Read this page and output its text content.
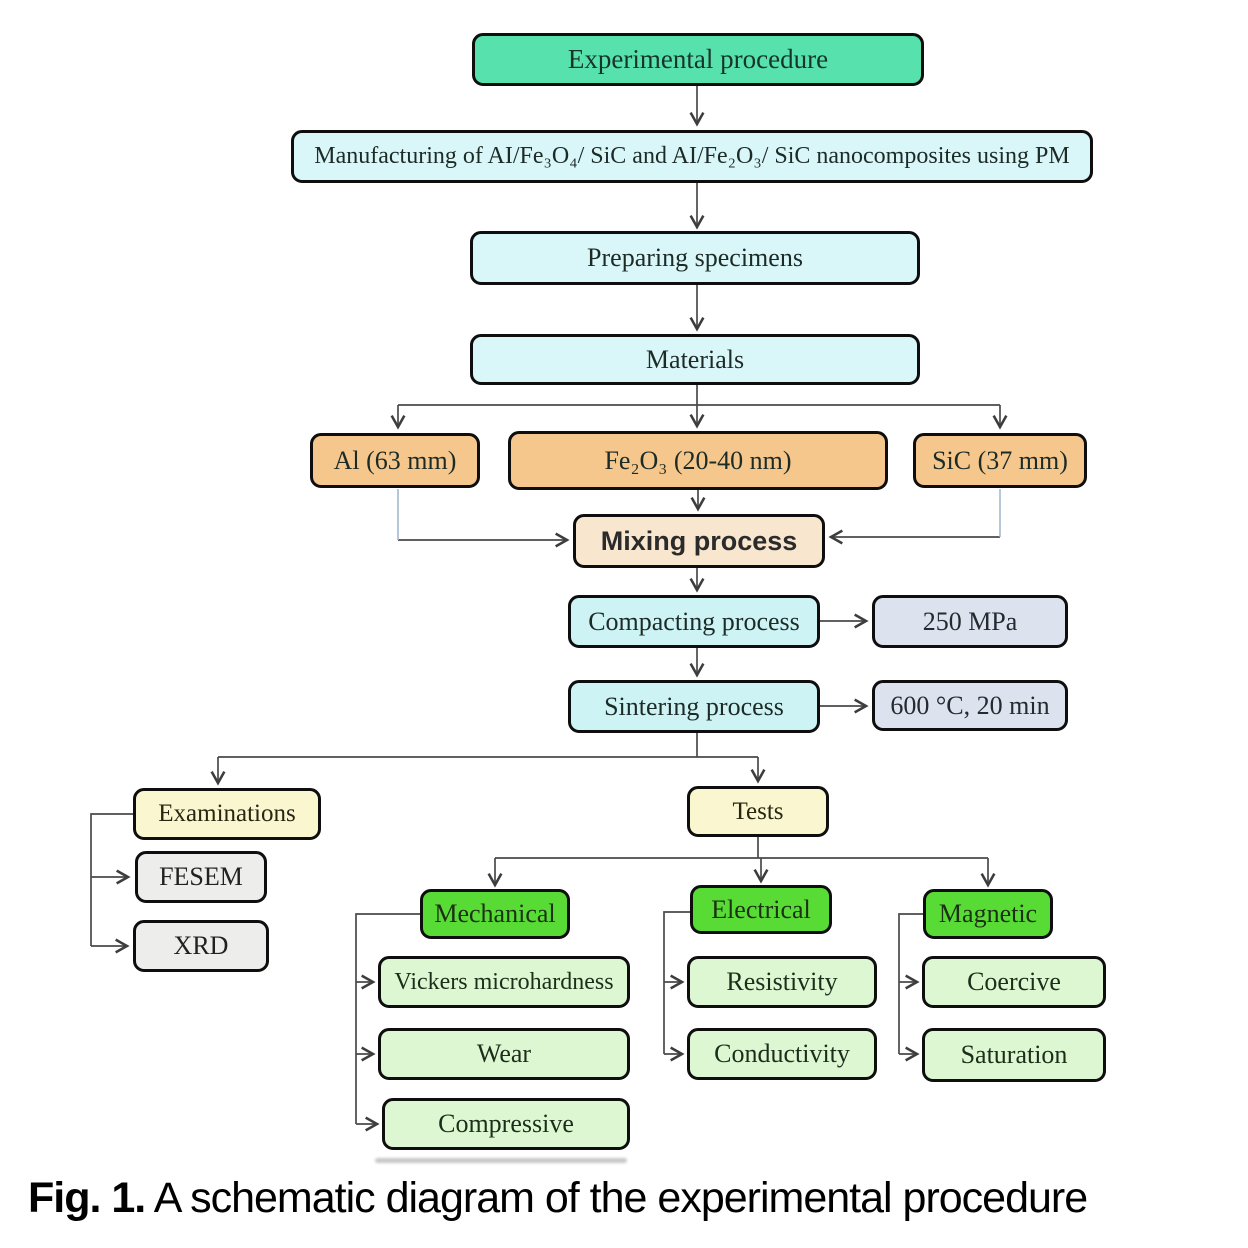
Experimental procedure
Manufacturing of AI/Fe₃O₄/ SiC and AI/Fe₂O₃/ SiC nanocomposites using PM
Preparing specimens
Materials
Al (63 mm)	Fe₂O₃ (20-40 nm)	SiC (37 mm)
Mixing process
Compacting process	250 MPa
Sintering process	600 °C, 20 min
Examinations
FESEM
XRD
Tests
Mechanical	Electrical	Magnetic
Vickers microhardness
Wear
Compressive
Resistivity
Conductivity
Coercive
Saturation
Fig. 1. A schematic diagram of the experimental procedure
